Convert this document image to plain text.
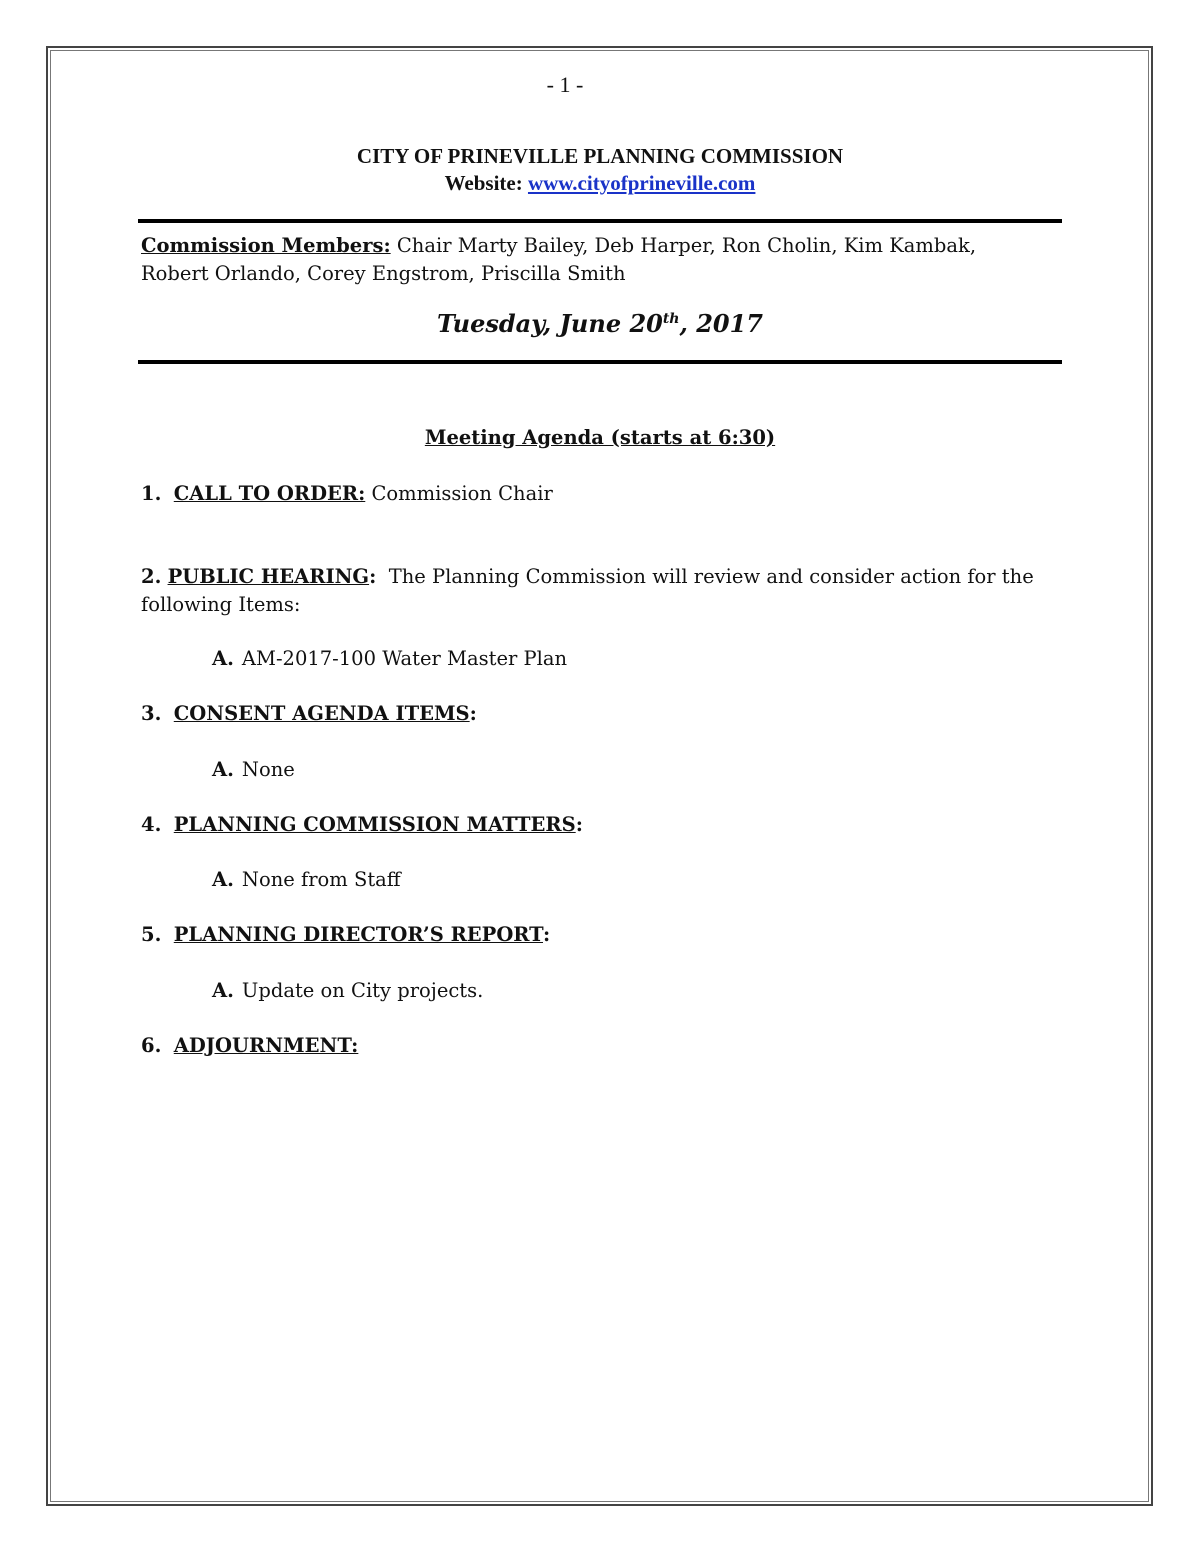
- 1 -
CITY OF PRINEVILLE PLANNING COMMISSION
Website: www.cityofprineville.com
Commission Members: Chair Marty Bailey, Deb Harper, Ron Cholin, Kim Kambak, Robert Orlando, Corey Engstrom, Priscilla Smith
Tuesday, June 20th, 2017
Meeting Agenda (starts at 6:30)
1. CALL TO ORDER: Commission Chair
2. PUBLIC HEARING: The Planning Commission will review and consider action for the following Items:
A. AM-2017-100 Water Master Plan
3. CONSENT AGENDA ITEMS:
A. None
4. PLANNING COMMISSION MATTERS:
A. None from Staff
5. PLANNING DIRECTOR’S REPORT:
A. Update on City projects.
6. ADJOURNMENT:
